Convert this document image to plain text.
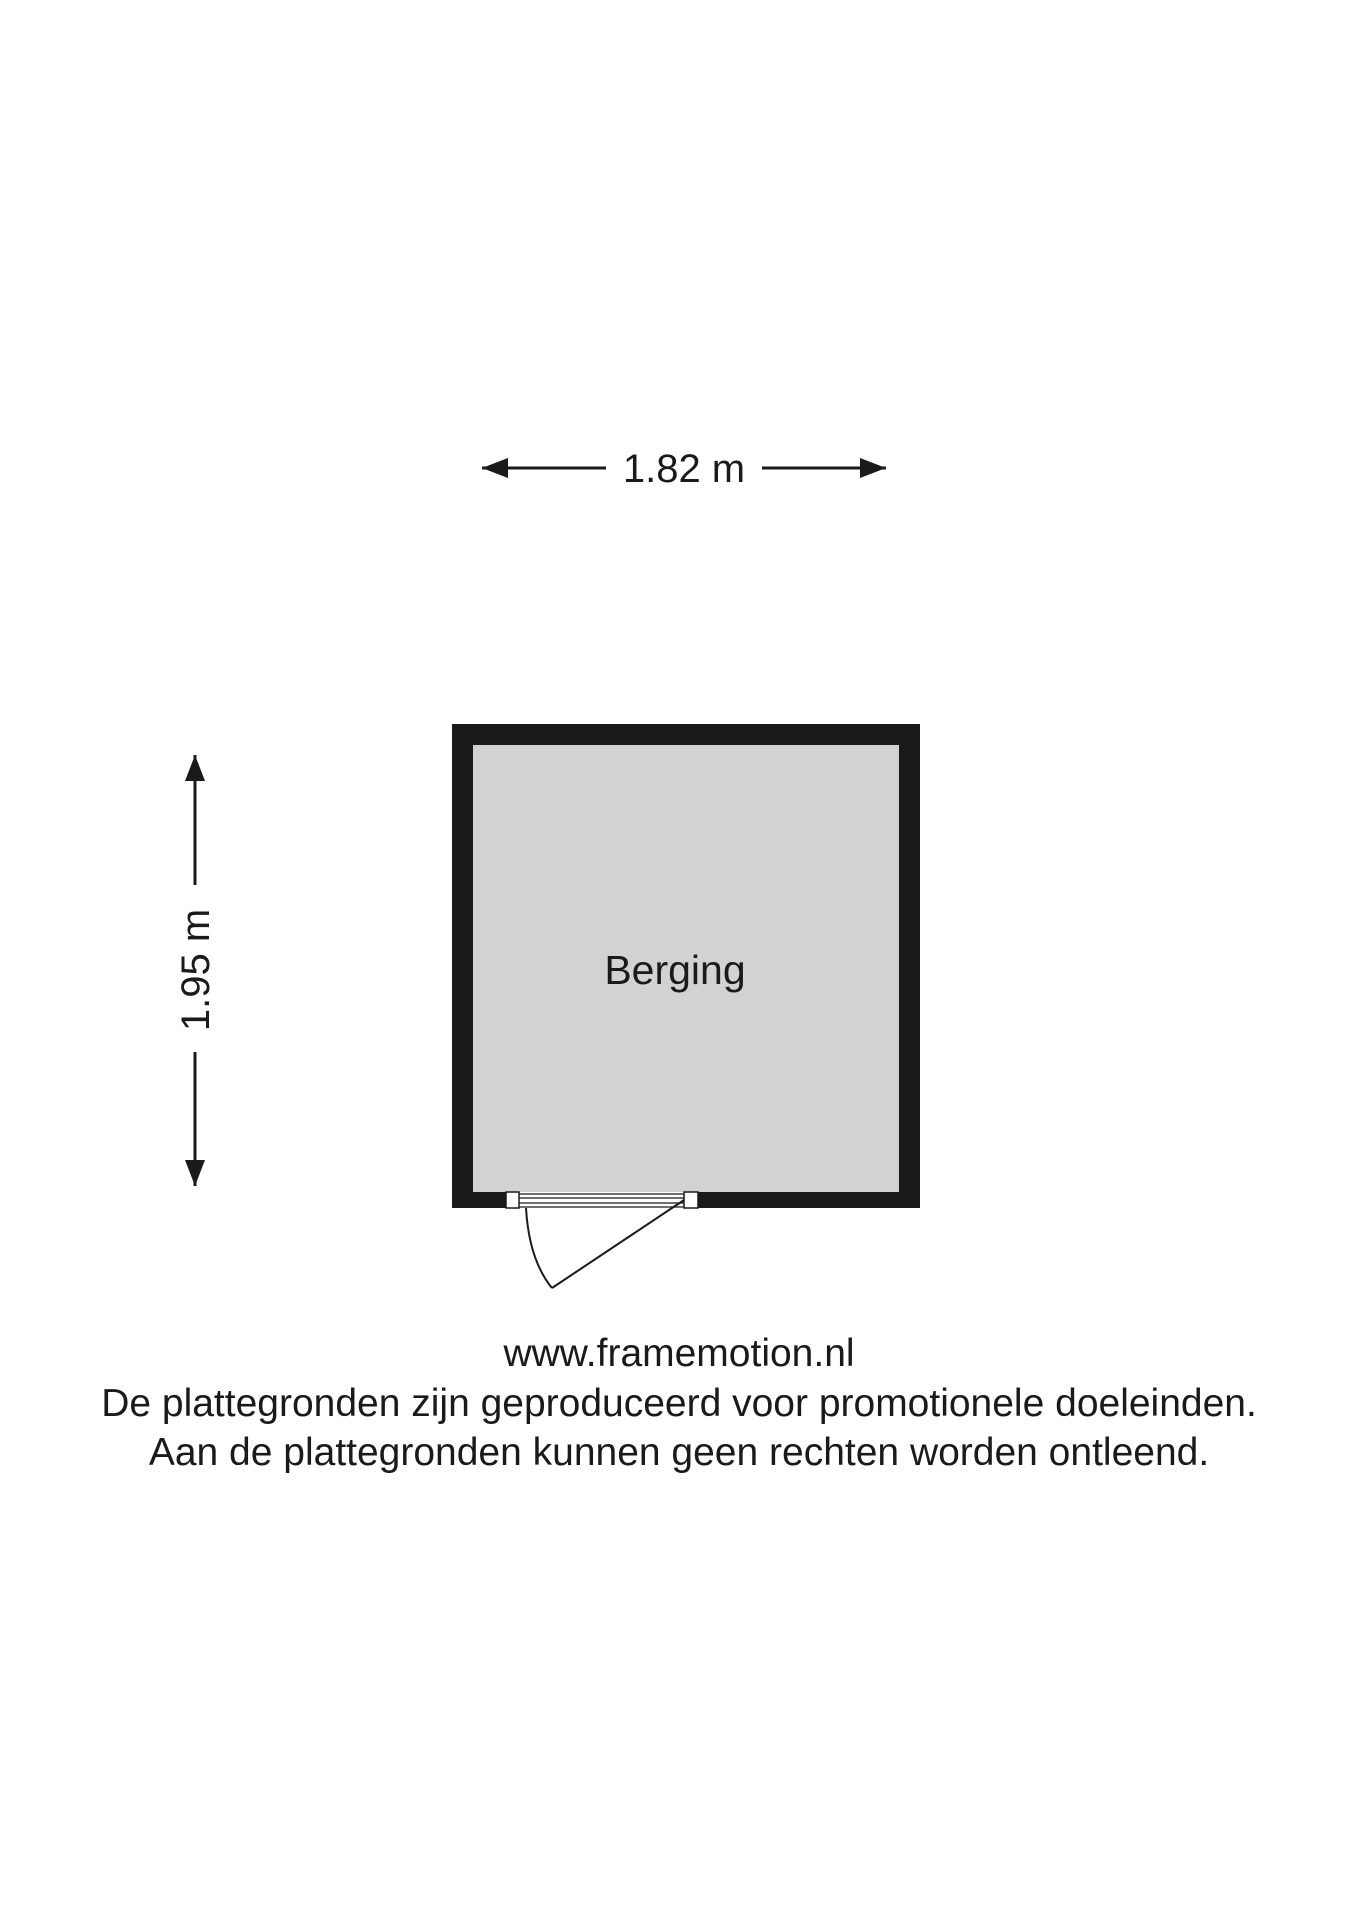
1.82 m
1.95 m	Berging
www.framemotion.nl
De plattegronden zijn geproduceerd voor promotionele doeleinden.
Aan de plattegronden kunnen geen rechten worden ontleend.
